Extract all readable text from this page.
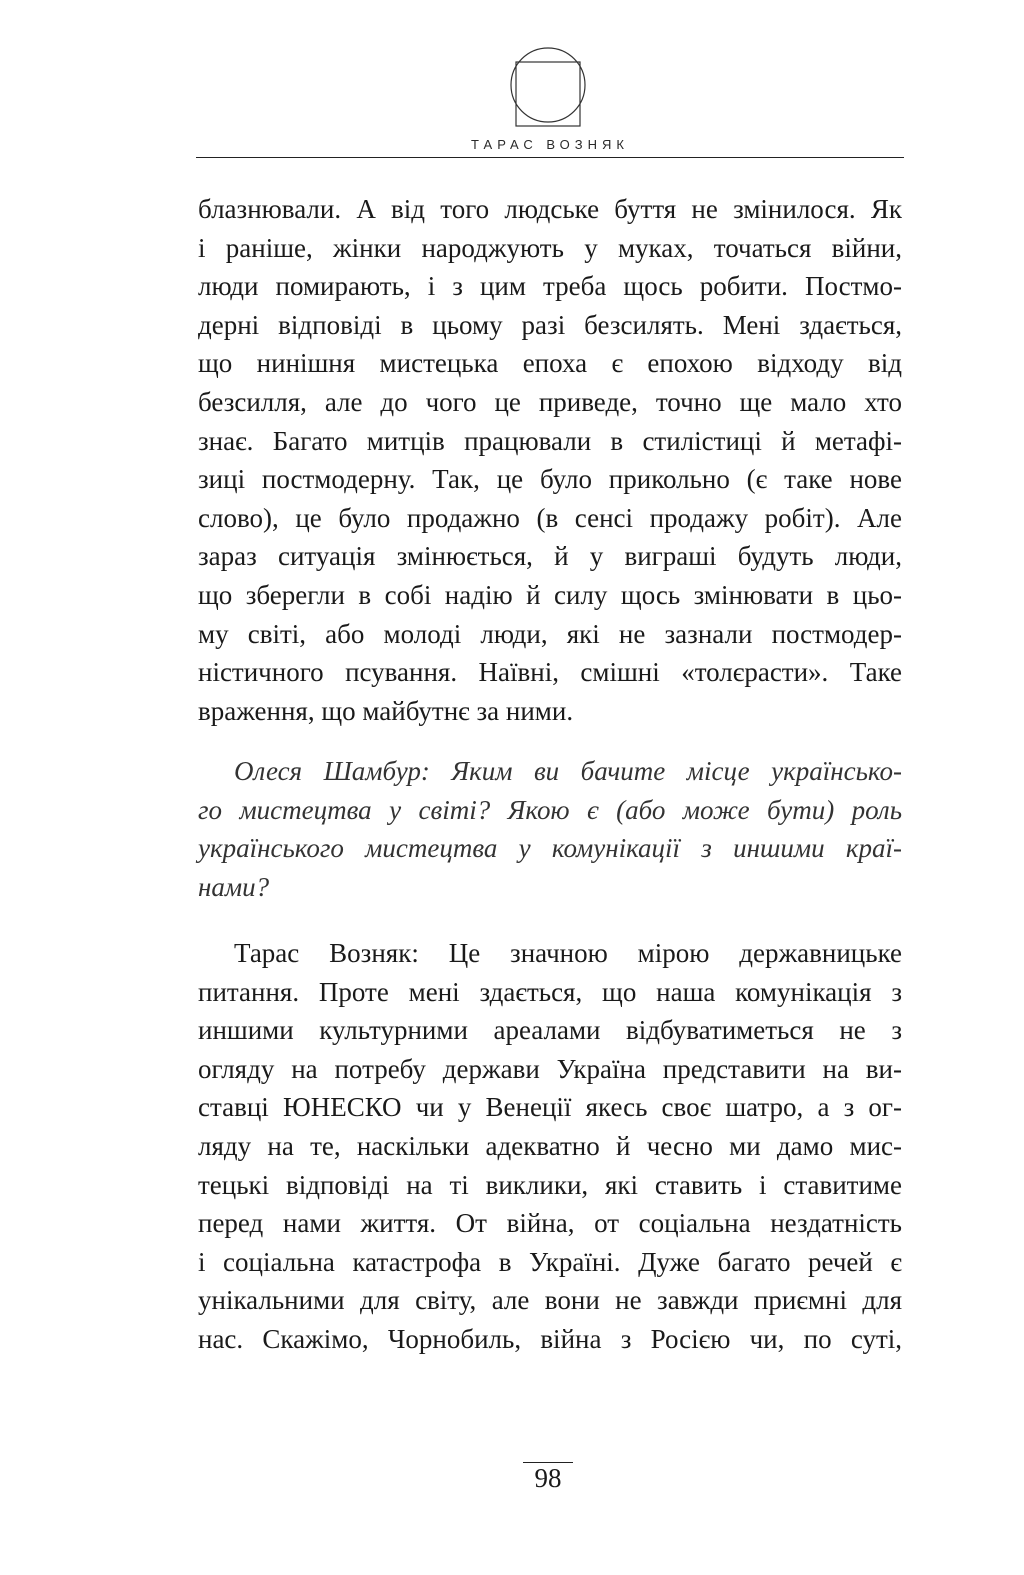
ТАРАС ВОЗНЯК
блазнювали. А від того людське буття не змінилося. Як
і раніше, жінки народжують у муках, точаться війни,
люди помирають, і з цим треба щось робити. Постмо-
дерні відповіді в цьому разі безсилять. Мені здається,
що нинішня мистецька епоха є епохою відходу від
безсилля, але до чого це приведе, точно ще мало хто
знає. Багато митців працювали в стилістиці й метафі-
зиці постмодерну. Так, це було прикольно (є таке нове
слово), це було продажно (в сенсі продажу робіт). Але
зараз ситуація змінюється, й у виграші будуть люди,
що зберегли в собі надію й силу щось змінювати в цьо-
му світі, або молоді люди, які не зазнали постмодер-
ністичного псування. Наївні, смішні «толєрасти». Таке
враження, що майбутнє за ними.
Олеся Шамбур: Яким ви бачите місце українсько-
го мистецтва у світі? Якою є (або може бути) роль
українського мистецтва у комунікації з иншими краї-
нами?
Тарас Возняк: Це значною мірою державницьке
питання. Проте мені здається, що наша комунікація з
иншими культурними ареалами відбуватиметься не з
огляду на потребу держави Україна представити на ви-
ставці ЮНЕСКО чи у Венеції якесь своє шатро, а з ог-
ляду на те, наскільки адекватно й чесно ми дамо мис-
тецькі відповіді на ті виклики, які ставить і ставитиме
перед нами життя. От війна, от соціальна нездатність
і соціальна катастрофа в Україні. Дуже багато речей є
унікальними для світу, але вони не завжди приємні для
нас. Скажімо, Чорнобиль, війна з Росією чи, по суті,
98
